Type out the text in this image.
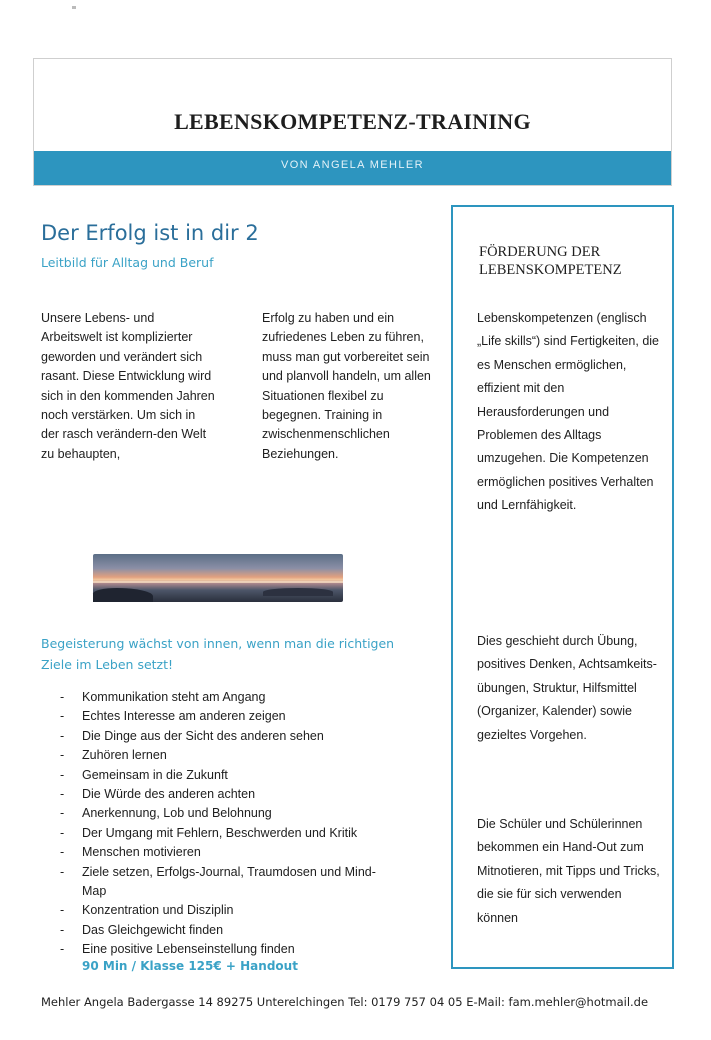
LEBENSKOMPETENZ-TRAINING
VON ANGELA MEHLER
Der Erfolg ist in dir 2
Leitbild für Alltag und Beruf

Unsere Lebens- und Arbeitswelt ist komplizierter geworden und verändert sich rasant. Diese Entwicklung wird sich in den kommenden Jahren noch verstärken. Um sich in der rasch verändern-den Welt zu behaupten,

Erfolg zu haben und ein zufriedenes Leben zu führen, muss man gut vorbereitet sein und planvoll handeln, um allen Situationen flexibel zu begegnen. Training in zwischenmenschlichen Beziehungen.

Begeisterung wächst von innen, wenn man die richtigen Ziele im Leben setzt!
- Kommunikation steht am Angang
- Echtes Interesse am anderen zeigen
- Die Dinge aus der Sicht des anderen sehen
- Zuhören lernen
- Gemeinsam in die Zukunft
- Die Würde des anderen achten
- Anerkennung, Lob und Belohnung
- Der Umgang mit Fehlern, Beschwerden und Kritik
- Menschen motivieren
- Ziele setzen, Erfolgs-Journal, Traumdosen und Mind-Map
- Konzentration und Disziplin
- Das Gleichgewicht finden
- Eine positive Lebenseinstellung finden
90 Min / Klasse 125€ + Handout
FÖRDERUNG DER LEBENSKOMPETENZ

Lebenskompetenzen (englisch „Life skills“) sind Fertigkeiten, die es Menschen ermöglichen, effizient mit den Herausforderungen und Problemen des Alltags umzugehen. Die Kompetenzen ermöglichen positives Verhalten und Lernfähigkeit.

Dies geschieht durch Übung, positives Denken, Achtsamkeits-übungen, Struktur, Hilfsmittel (Organizer, Kalender) sowie gezieltes Vorgehen.

Die Schüler und Schülerinnen bekommen ein Hand-Out zum Mitnotieren, mit Tipps und Tricks, die sie für sich verwenden können

Mehler Angela Badergasse 14 89275 Unterelchingen Tel: 0179 757 04 05 E-Mail: fam.mehler@hotmail.de
